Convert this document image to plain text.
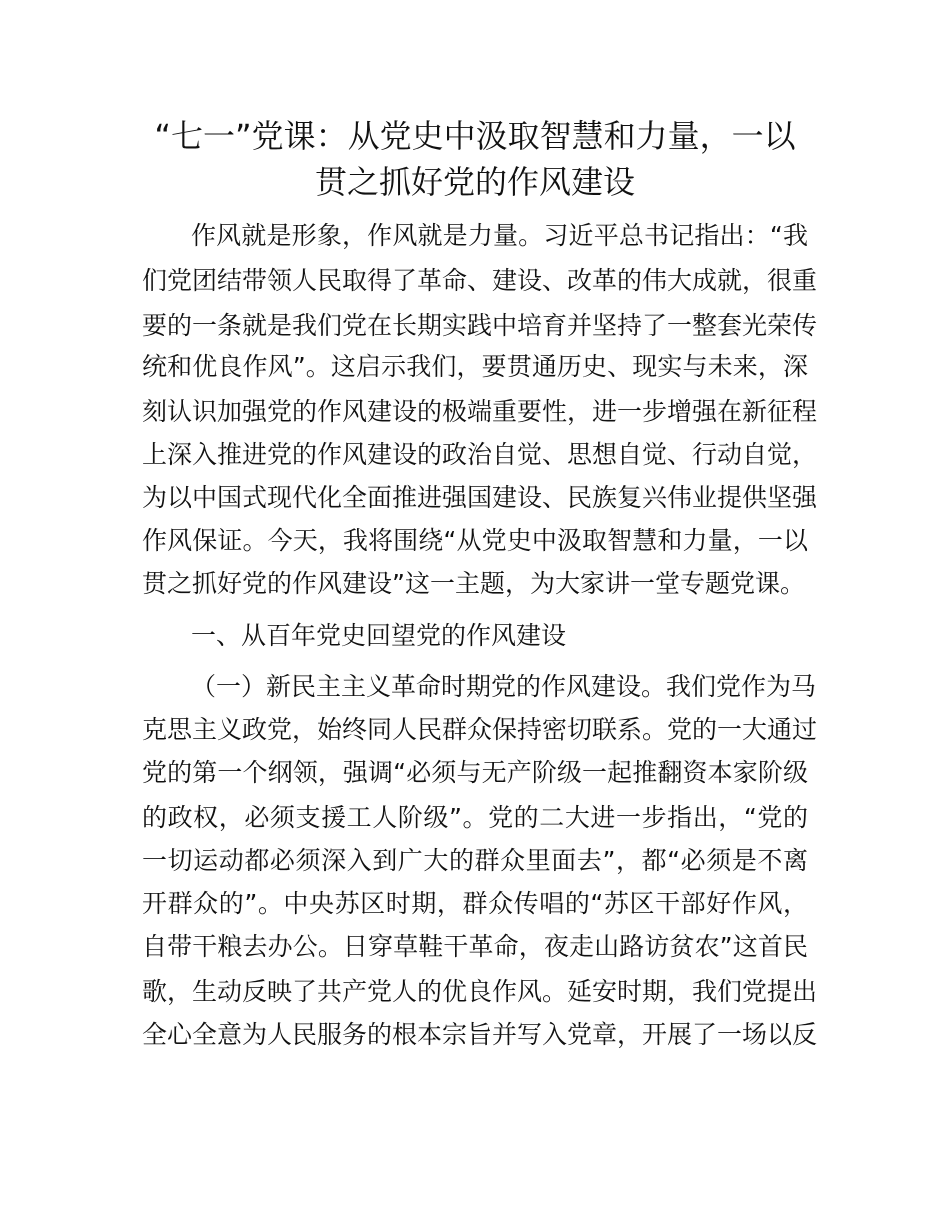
“七一”党课：从党史中汲取智慧和力量，一以
贯之抓好党的作风建设

作风就是形象，作风就是力量。习近平总书记指出：“我

们党团结带领人民取得了革命、建设、改革的伟大成就，很重

要的一条就是我们党在长期实践中培育并坚持了一整套光荣传

统和优良作风”。这启示我们，要贯通历史、现实与未来，深

刻认识加强党的作风建设的极端重要性，进一步增强在新征程

上深入推进党的作风建设的政治自觉、思想自觉、行动自觉，

为以中国式现代化全面推进强国建设、民族复兴伟业提供坚强

作风保证。今天，我将围绕“从党史中汲取智慧和力量，一以

贯之抓好党的作风建设”这一主题，为大家讲一堂专题党课。

一、从百年党史回望党的作风建设

（一）新民主主义革命时期党的作风建设。我们党作为马

克思主义政党，始终同人民群众保持密切联系。党的一大通过

党的第一个纲领，强调“必须与无产阶级一起推翻资本家阶级

的政权，必须支援工人阶级”。党的二大进一步指出，“党的

一切运动都必须深入到广大的群众里面去”，都“必须是不离

开群众的”。中央苏区时期，群众传唱的“苏区干部好作风，

自带干粮去办公。日穿草鞋干革命，夜走山路访贫农”这首民

歌，生动反映了共产党人的优良作风。延安时期，我们党提出

全心全意为人民服务的根本宗旨并写入党章，开展了一场以反
